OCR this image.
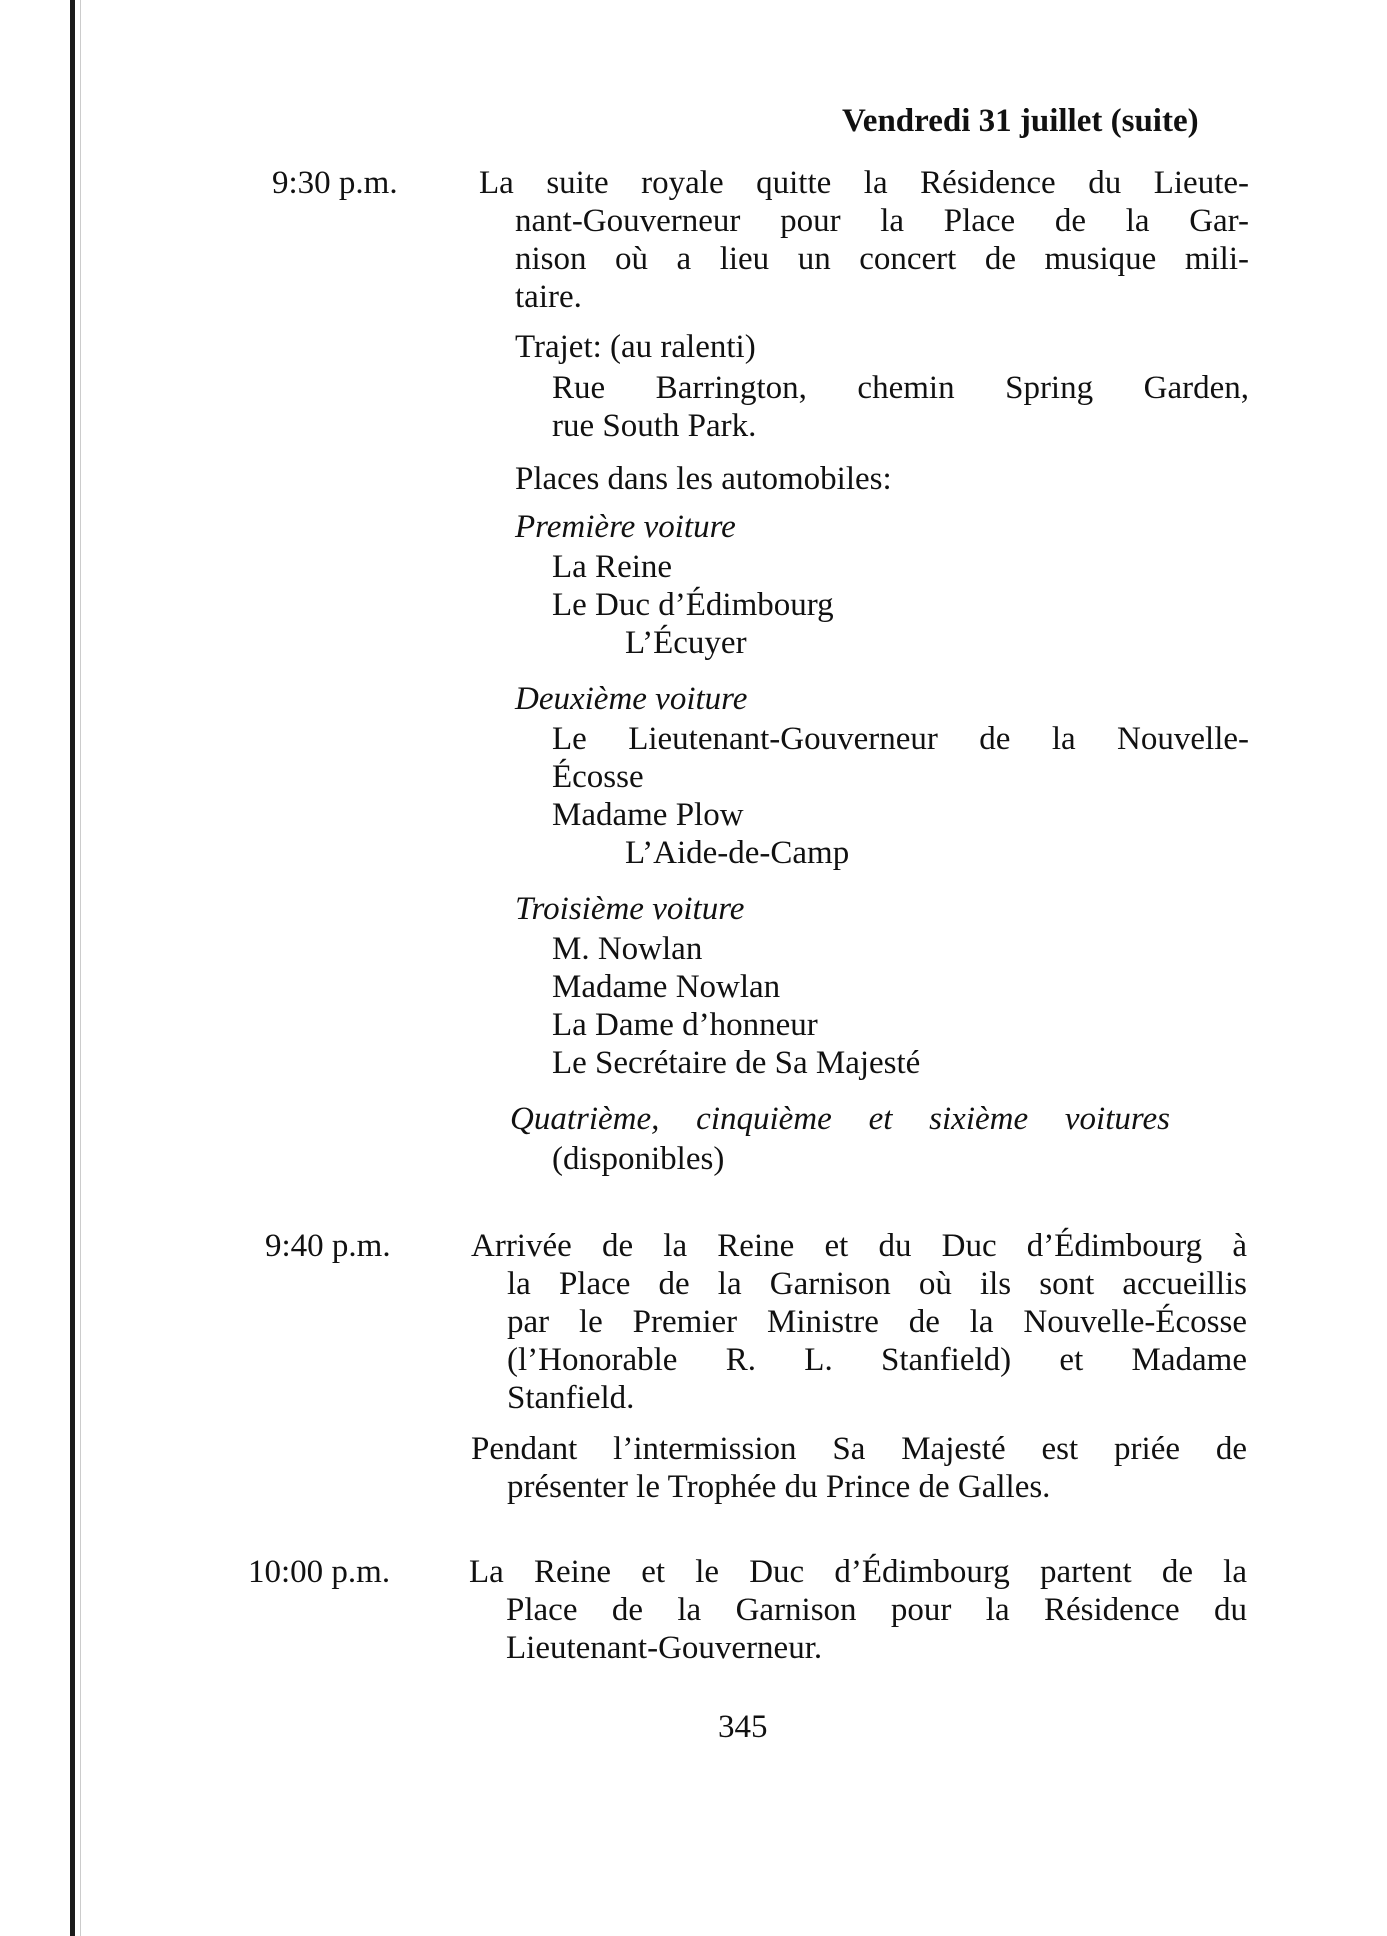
Vendredi 31 juillet (suite)
9:30 p.m. La suite royale quitte la Résidence du Lieute-
nant-Gouverneur pour la Place de la Gar-
nison où a lieu un concert de musique mili-
taire.
Trajet: (au ralenti)
Rue Barrington, chemin Spring Garden,
rue South Park.
Places dans les automobiles:
Première voiture
La Reine
Le Duc d’Édimbourg
L’Écuyer
Deuxième voiture
Le Lieutenant-Gouverneur de la Nouvelle-
Écosse
Madame Plow
L’Aide-de-Camp
Troisième voiture
M. Nowlan
Madame Nowlan
La Dame d’honneur
Le Secrétaire de Sa Majesté
Quatrième, cinquième et sixième voitures
(disponibles)
9:40 p.m. Arrivée de la Reine et du Duc d’Édimbourg à
la Place de la Garnison où ils sont accueillis
par le Premier Ministre de la Nouvelle-Écosse
(l’Honorable R. L. Stanfield) et Madame
Stanfield.
Pendant l’intermission Sa Majesté est priée de
présenter le Trophée du Prince de Galles.
10:00 p.m. La Reine et le Duc d’Édimbourg partent de la
Place de la Garnison pour la Résidence du
Lieutenant-Gouverneur.
345
